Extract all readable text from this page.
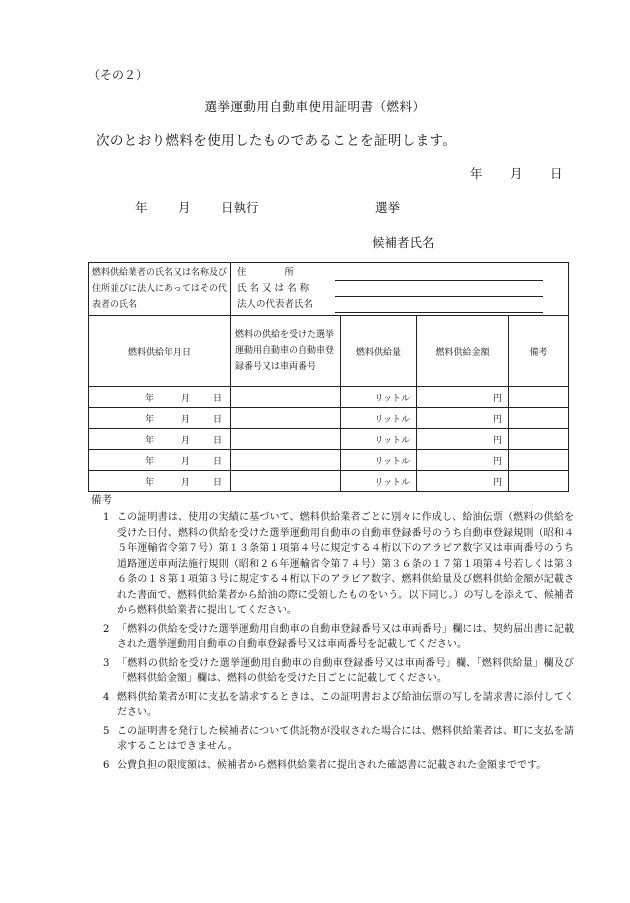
（その２）
選挙運動用自動車使用証明書（燃料）
次のとおり燃料を使用したものであることを証明します。
年 月 日
年 月 日執行	選挙
候補者氏名
燃料供給業者の氏名又は名称及び住所並びに法人にあってはその代表者の氏名	住　　　　所
氏 名 又 は 名 称
法人の代表者氏名			

燃料供給年月日	燃料の供給を受けた選挙運動用自動車の自動車登録番号又は車両番号	燃料供給量	燃料供給金額	備考
年 月 日		リットル	円	
年 月 日		リットル	円	
年 月 日		リットル	円	
年 月 日		リットル	円	
年 月 日		リットル	円	
備考
1 この証明書は、使用の実績に基づいて、燃料供給業者ごとに別々に作成し、給油伝票（燃料の供給を受けた日付、燃料の供給を受けた選挙運動用自動車の自動車登録番号のうち自動車登録規則（昭和４５年運輸省令第７号）第１３条第１項第４号に規定する４桁以下のアラビア数字又は車両番号のうち道路運送車両法施行規則（昭和２６年運輸省令第７４号）第３６条の１７第１項第４号若しくは第３６条の１８第１項第３号に規定する４桁以下のアラビア数字、燃料供給量及び燃料供給金額が記載された書面で、燃料供給業者から給油の際に受領したものをいう。以下同じ。）の写しを添えて、候補者から燃料供給業者に提出してください。
2 「燃料の供給を受けた選挙運動用自動車の自動車登録番号又は車両番号」欄には、契約届出書に記載された選挙運動用自動車の自動車登録番号又は車両番号を記載してください。
3 「燃料の供給を受けた選挙運動用自動車の自動車登録番号又は車両番号」欄、「燃料供給量」欄及び「燃料供給金額」欄は、燃料の供給を受けた日ごとに記載してください。
4 燃料供給業者が町に支払を請求するときは、この証明書および給油伝票の写しを請求書に添付してください。
5 この証明書を発行した候補者について供託物が没収された場合には、燃料供給業者は、町に支払を請求することはできません。
6 公費負担の限度額は、候補者から燃料供給業者に提出された確認書に記載された金額までです。
